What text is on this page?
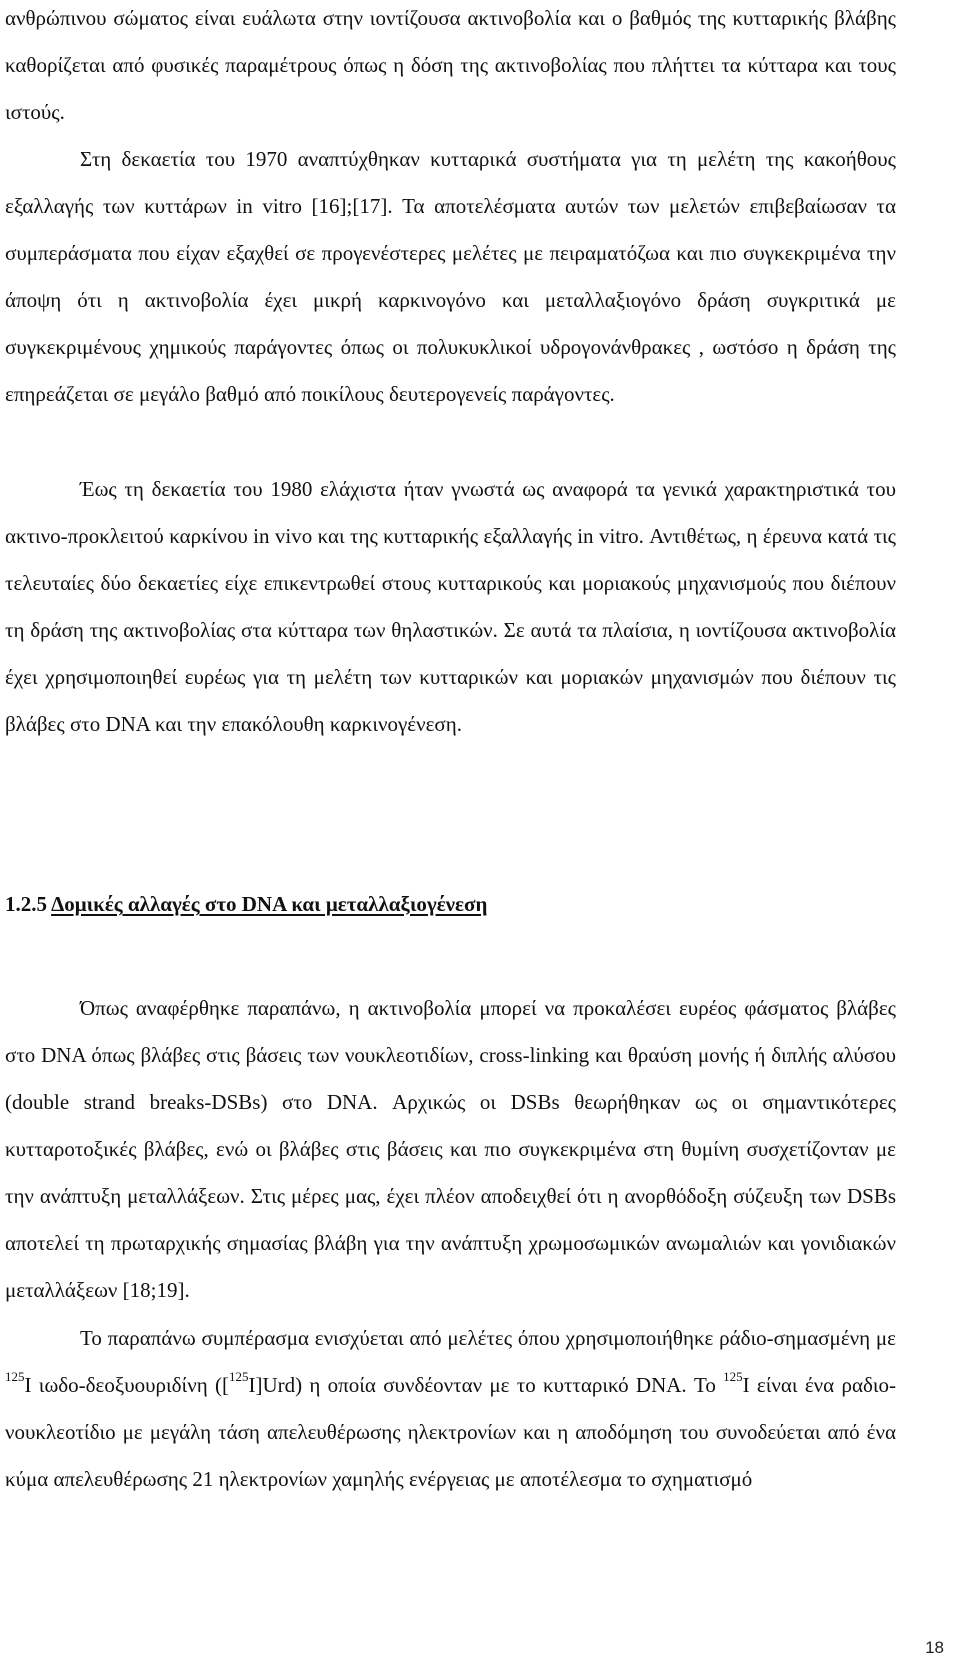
ανθρώπινου σώματος είναι ευάλωτα στην ιοντίζουσα ακτινοβολία και ο βαθμός της κυτταρικής βλάβης καθορίζεται από φυσικές παραμέτρους όπως η δόση της ακτινοβολίας που πλήττει τα κύτταρα και τους ιστούς.
Στη δεκαετία του 1970 αναπτύχθηκαν κυτταρικά συστήματα για τη μελέτη της κακοήθους εξαλλαγής των κυττάρων in vitro [16];[17]. Τα αποτελέσματα αυτών των μελετών επιβεβαίωσαν τα συμπεράσματα που είχαν εξαχθεί σε προγενέστερες μελέτες με πειραματόζωα και πιο συγκεκριμένα την άποψη ότι η ακτινοβολία έχει μικρή καρκινογόνο και μεταλλαξιογόνο δράση συγκριτικά με συγκεκριμένους χημικούς παράγοντες όπως οι πολυκυκλικοί υδρογονάνθρακες , ωστόσο η δράση της επηρεάζεται σε μεγάλο βαθμό από ποικίλους δευτερογενείς παράγοντες.

Έως τη δεκαετία του 1980 ελάχιστα ήταν γνωστά ως αναφορά τα γενικά χαρακτηριστικά του ακτινο-προκλειτού καρκίνου in vivo και της κυτταρικής εξαλλαγής in vitro. Αντιθέτως, η έρευνα κατά τις τελευταίες δύο δεκαετίες είχε επικεντρωθεί στους κυτταρικούς και μοριακούς μηχανισμούς που διέπουν τη δράση της ακτινοβολίας στα κύτταρα των θηλαστικών. Σε αυτά τα πλαίσια, η ιοντίζουσα ακτινοβολία έχει χρησιμοποιηθεί ευρέως για τη μελέτη των κυτταρικών και μοριακών μηχανισμών που διέπουν τις βλάβες στο DNA και την επακόλουθη καρκινογένεση.

1.2.5 Δομικές αλλαγές στο DNA και μεταλλαξιογένεση

Όπως αναφέρθηκε παραπάνω, η ακτινοβολία μπορεί να προκαλέσει ευρέος φάσματος βλάβες στο DNA όπως βλάβες στις βάσεις των νουκλεοτιδίων, cross-linking και θραύση μονής ή διπλής αλύσου (double strand breaks-DSBs) στο DNA. Αρχικώς οι DSBs θεωρήθηκαν ως οι σημαντικότερες κυτταροτοξικές βλάβες, ενώ οι βλάβες στις βάσεις και πιο συγκεκριμένα στη θυμίνη συσχετίζονταν με την ανάπτυξη μεταλλάξεων. Στις μέρες μας, έχει πλέον αποδειχθεί ότι η ανορθόδοξη σύζευξη των DSBs αποτελεί τη πρωταρχικής σημασίας βλάβη για την ανάπτυξη χρωμοσωμικών ανωμαλιών και γονιδιακών μεταλλάξεων [18;19].

Το παραπάνω συμπέρασμα ενισχύεται από μελέτες όπου χρησιμοποιήθηκε ράδιο-σημασμένη με $^{125}$I ιωδο-δεοξυουριδίνη ([$^{125}$I]Urd) η οποία συνδέονταν με το κυτταρικό DNA. Το $^{125}$I είναι ένα ραδιο-νουκλεοτίδιο με μεγάλη τάση απελευθέρωσης ηλεκτρονίων και η αποδόμηση του συνοδεύεται από ένα κύμα απελευθέρωσης 21 ηλεκτρονίων χαμηλής ενέργειας με αποτέλεσμα το σχηματισμό

18
